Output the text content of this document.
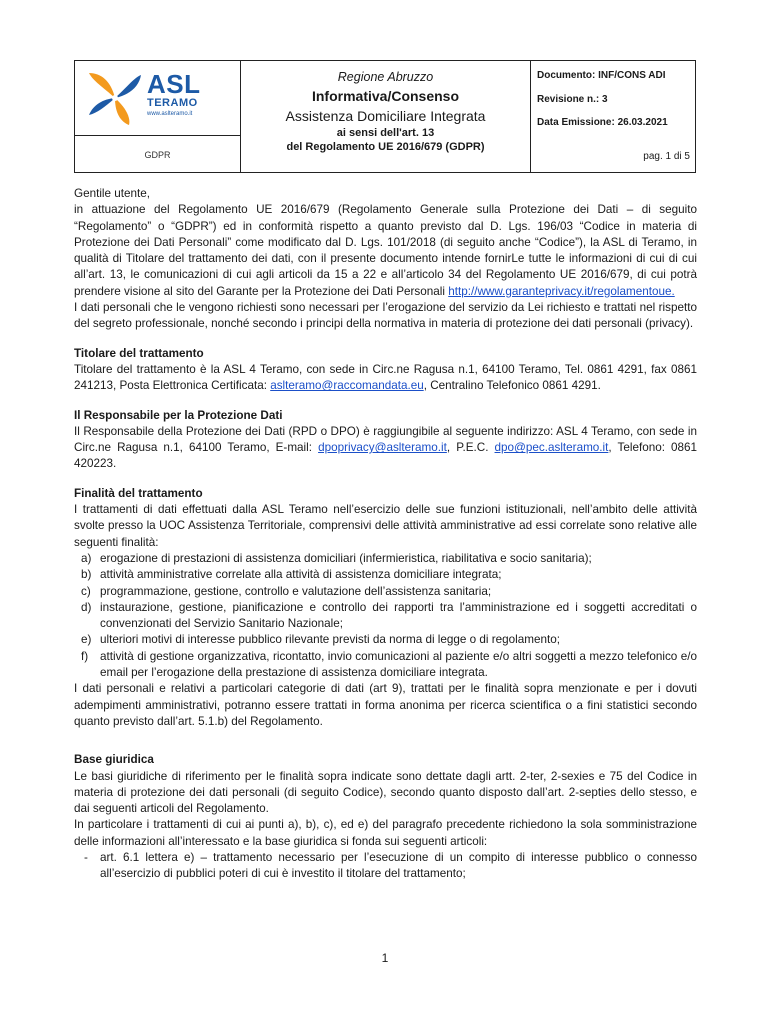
ASL
TERAMO
www.aslteramo.it
GDPR
Regione Abruzzo
Informativa/Consenso
Assistenza Domiciliare Integrata
ai sensi dell'art. 13
del Regolamento UE 2016/679 (GDPR)
Documento: INF/CONS ADI
Revisione n.: 3
Data Emissione: 26.03.2021
pag. 1 di 5

Gentile utente,

in attuazione del Regolamento UE 2016/679 (Regolamento Generale sulla Protezione dei Dati – di seguito “Regolamento” o “GDPR”) ed in conformità rispetto a quanto previsto dal D. Lgs. 196/03 “Codice in materia di Protezione dei Dati Personali” come modificato dal D. Lgs. 101/2018 (di seguito anche “Codice”), la ASL di Teramo, in qualità di Titolare del trattamento dei dati, con il presente documento intende fornirLe tutte le informazioni di cui di cui all’art. 13, le comunicazioni di cui agli articoli da 15 a 22 e all’articolo 34 del Regolamento UE 2016/679, di cui potrà prendere visione al sito del Garante per la Protezione dei Dati Personali http://www.garanteprivacy.it/regolamentoue.

I dati personali che le vengono richiesti sono necessari per l’erogazione del servizio da Lei richiesto e trattati nel rispetto del segreto professionale, nonché secondo i principi della normativa in materia di protezione dei dati personali (privacy).

Titolare del trattamento

Titolare del trattamento è la ASL 4 Teramo, con sede in Circ.ne Ragusa n.1, 64100 Teramo, Tel. 0861 4291, fax 0861 241213, Posta Elettronica Certificata: aslteramo@raccomandata.eu, Centralino Telefonico 0861 4291.

Il Responsabile per la Protezione Dati

Il Responsabile della Protezione dei Dati (RPD o DPO) è raggiungibile al seguente indirizzo: ASL 4 Teramo, con sede in Circ.ne Ragusa n.1, 64100 Teramo, E-mail: dpoprivacy@aslteramo.it, P.E.C. dpo@pec.aslteramo.it, Telefono: 0861 420223.

Finalità del trattamento

I trattamenti di dati effettuati dalla ASL Teramo nell’esercizio delle sue funzioni istituzionali, nell’ambito delle attività svolte presso la UOC Assistenza Territoriale, comprensivi delle attività amministrative ad essi correlate sono relative alle seguenti finalità:

a) erogazione di prestazioni di assistenza domiciliari (infermieristica, riabilitativa e socio sanitaria);
b) attività amministrative correlate alla attività di assistenza domiciliare integrata;
c) programmazione, gestione, controllo e valutazione dell’assistenza sanitaria;
d) instaurazione, gestione, pianificazione e controllo dei rapporti tra l’amministrazione ed i soggetti accreditati o convenzionati del Servizio Sanitario Nazionale;
e) ulteriori motivi di interesse pubblico rilevante previsti da norma di legge o di regolamento;
f) attività di gestione organizzativa, ricontatto, invio comunicazioni al paziente e/o altri soggetti a mezzo telefonico e/o email per l’erogazione della prestazione di assistenza domiciliare integrata.

I dati personali e relativi a particolari categorie di dati (art 9), trattati per le finalità sopra menzionate e per i dovuti adempimenti amministrativi, potranno essere trattati in forma anonima per ricerca scientifica o a fini statistici secondo quanto previsto dall’art. 5.1.b) del Regolamento.

Base giuridica

Le basi giuridiche di riferimento per le finalità sopra indicate sono dettate dagli artt. 2-ter, 2-sexies e 75 del Codice in materia di protezione dei dati personali (di seguito Codice), secondo quanto disposto dall’art. 2-septies dello stesso, e dai seguenti articoli del Regolamento.

In particolare i trattamenti di cui ai punti a), b), c), ed e) del paragrafo precedente richiedono la sola somministrazione delle informazioni all’interessato e la base giuridica si fonda sui seguenti articoli:

- art. 6.1 lettera e) – trattamento necessario per l’esecuzione di un compito di interesse pubblico o connesso all’esercizio di pubblici poteri di cui è investito il titolare del trattamento;
1
